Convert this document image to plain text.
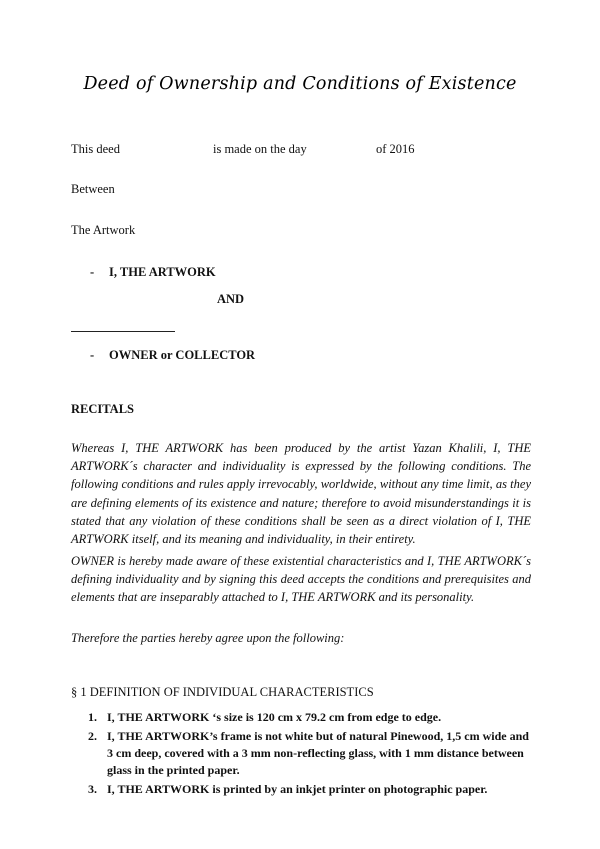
Deed of Ownership and Conditions of Existence
This deed	is made on the day	of 2016
Between
The Artwork
- I, THE ARTWORK
AND
- OWNER or COLLECTOR
RECITALS
Whereas I, THE ARTWORK has been produced by the artist Yazan Khalili, I, THE ARTWORK´s character and individuality is expressed by the following conditions. The following conditions and rules apply irrevocably, worldwide, without any time limit, as they are defining elements of its existence and nature; therefore to avoid misunderstandings it is stated that any violation of these conditions shall be seen as a direct violation of I, THE ARTWORK itself, and its meaning and individuality, in their entirety.
OWNER is hereby made aware of these existential characteristics and I, THE ARTWORK´s defining individuality and by signing this deed accepts the conditions and prerequisites and elements that are inseparably attached to I, THE ARTWORK and its personality.
Therefore the parties hereby agree upon the following:
§ 1 DEFINITION OF INDIVIDUAL CHARACTERISTICS
1. I, THE ARTWORK ‘s size is 120 cm x 79.2 cm from edge to edge.
2. I, THE ARTWORK’s frame is not white but of natural Pinewood, 1,5 cm wide and 3 cm deep, covered with a 3 mm non-reflecting glass, with 1 mm distance between glass in the printed paper.
3. I, THE ARTWORK is printed by an inkjet printer on photographic paper.
